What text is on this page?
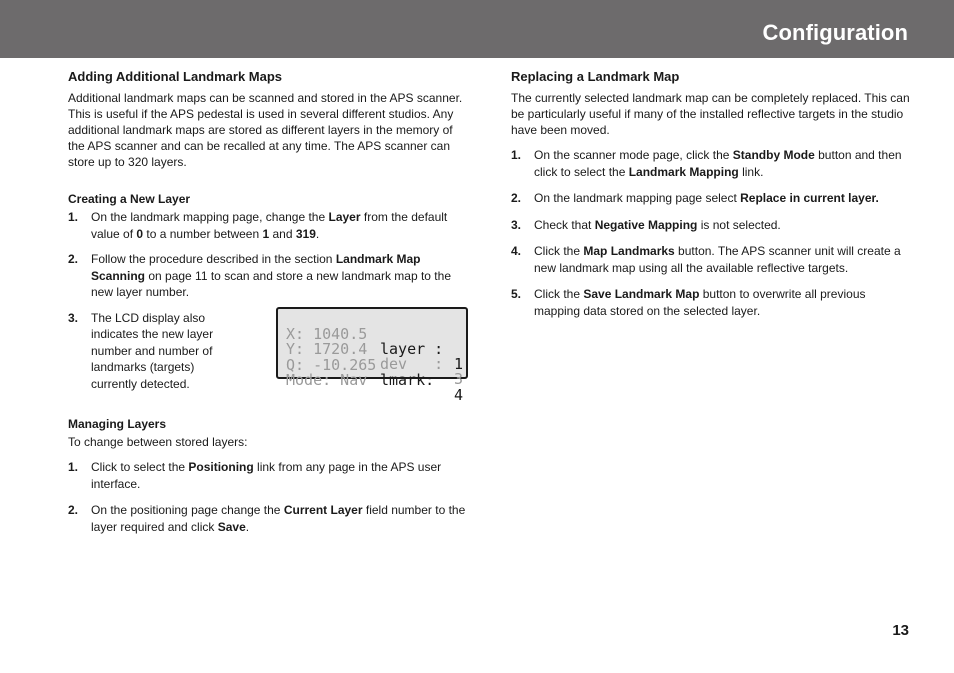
Configuration
Adding Additional Landmark Maps

Additional landmark maps can be scanned and stored in the APS scanner. This is useful if the APS pedestal is used in several different studios. Any additional landmark maps are stored as different layers in the memory of the APS scanner and can be recalled at any time. The APS scanner can store up to 320 layers.

Creating a New Layer
1.	On the landmark mapping page, change the Layer from the default value of 0 to a number between 1 and 319.
2.	Follow the procedure described in the section Landmark Map Scanning on page 11 to scan and store a new landmark map to the new layer number.
3.	The LCD display also indicates the new layer number and number of landmarks (targets) currently detected.

X: 1040.5

layer :

1

Y: 1720.4

dev   :

3

Q: -10.265

lmark:

4

Mode: Nav

Managing Layers

To change between stored layers:

1.	Click to select the Positioning link from any page in the APS user interface.
2.	On the positioning page change the Current Layer field number to the layer required and click Save.
Replacing a Landmark Map

The currently selected landmark map can be completely replaced. This can be particularly useful if many of the installed reflective targets in the studio have been moved.

1.	On the scanner mode page, click the Standby Mode button and then click to select the Landmark Mapping link.
2.	On the landmark mapping page select Replace in current layer.
3.	Check that Negative Mapping is not selected.
4.	Click the Map Landmarks button. The APS scanner unit will create a new landmark map using all the available reflective targets.
5.	Click the Save Landmark Map button to overwrite all previous mapping data stored on the selected layer.
13
